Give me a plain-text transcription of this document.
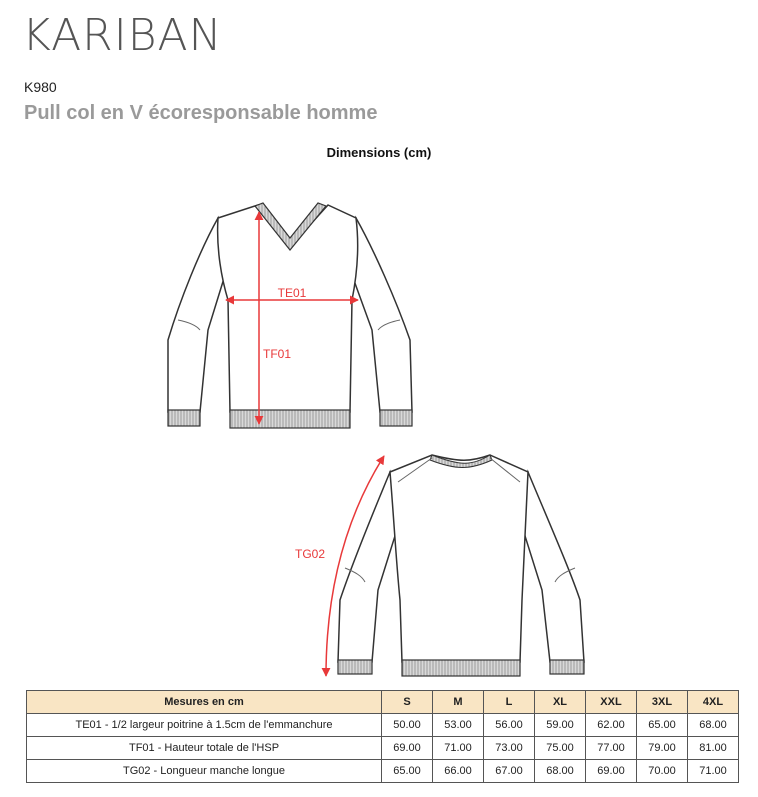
KARIBAN
K980
Pull col en V écoresponsable homme
Dimensions (cm)
TE01
TF01
TG02
Mesures en cm	S	M	L	XL	XXL	3XL	4XL
TE01 - 1/2 largeur poitrine à 1.5cm de l'emmanchure	50.00	53.00	56.00	59.00	62.00	65.00	68.00
TF01 - Hauteur totale de l'HSP	69.00	71.00	73.00	75.00	77.00	79.00	81.00
TG02 - Longueur manche longue	65.00	66.00	67.00	68.00	69.00	70.00	71.00
